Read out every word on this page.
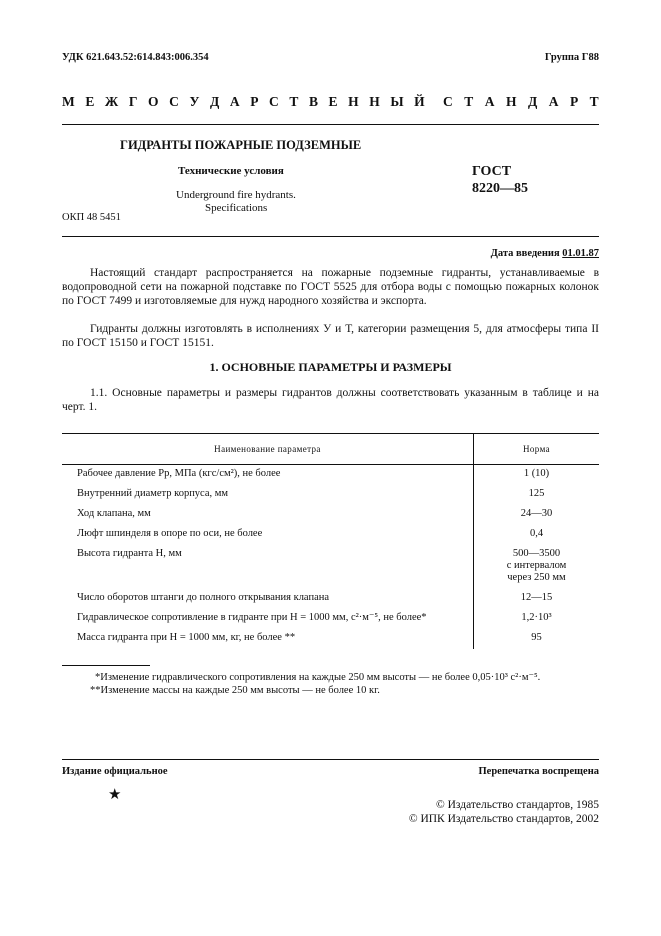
УДК 621.643.52:614.843:006.354	Группа Г88
М Е Ж Г О С У Д А Р С Т В Е Н Н Ы Й С Т А Н Д А Р Т
ГИДРАНТЫ ПОЖАРНЫЕ ПОДЗЕМНЫЕ
Технические условия
Underground fire hydrants.
Specifications
ГОСТ
8220—85
ОКП 48 5451
Дата введения 01.01.87
Настоящий стандарт распространяется на пожарные подземные гидранты, устанавливаемые в водопроводной сети на пожарной подставке по ГОСТ 5525 для отбора воды с помощью пожарных колонок по ГОСТ 7499 и изготовляемые для нужд народного хозяйства и экспорта.
Гидранты должны изготовлять в исполнениях У и Т, категории размещения 5, для атмосферы типа II по ГОСТ 15150 и ГОСТ 15151.
1. ОСНОВНЫЕ ПАРАМЕТРЫ И РАЗМЕРЫ
1.1. Основные параметры и размеры гидрантов должны соответствовать указанным в таблице и на черт. 1.
Наименование параметра	Норма
Рабочее давление Pр, МПа (кгс/см²), не более	1 (10)
Внутренний диаметр корпуса, мм	125
Ход клапана, мм	24—30
Люфт шпинделя в опоре по оси, не более	0,4
Высота гидранта H, мм	500—3500
с интервалом
через 250 мм
Число оборотов штанги до полного открывания клапана	12—15
Гидравлическое сопротивление в гидранте при H = 1000 мм, с²·м⁻⁵, не более*	1,2·10³
Масса гидранта при H = 1000 мм, кг, не более **	95
*Изменение гидравлического сопротивления на каждые 250 мм высоты — не более 0,05·10³ с²·м⁻⁵.
**Изменение массы на каждые 250 мм высоты — не более 10 кг.
Издание официальное	Перепечатка воспрещена
★
© Издательство стандартов, 1985
© ИПК Издательство стандартов, 2002
